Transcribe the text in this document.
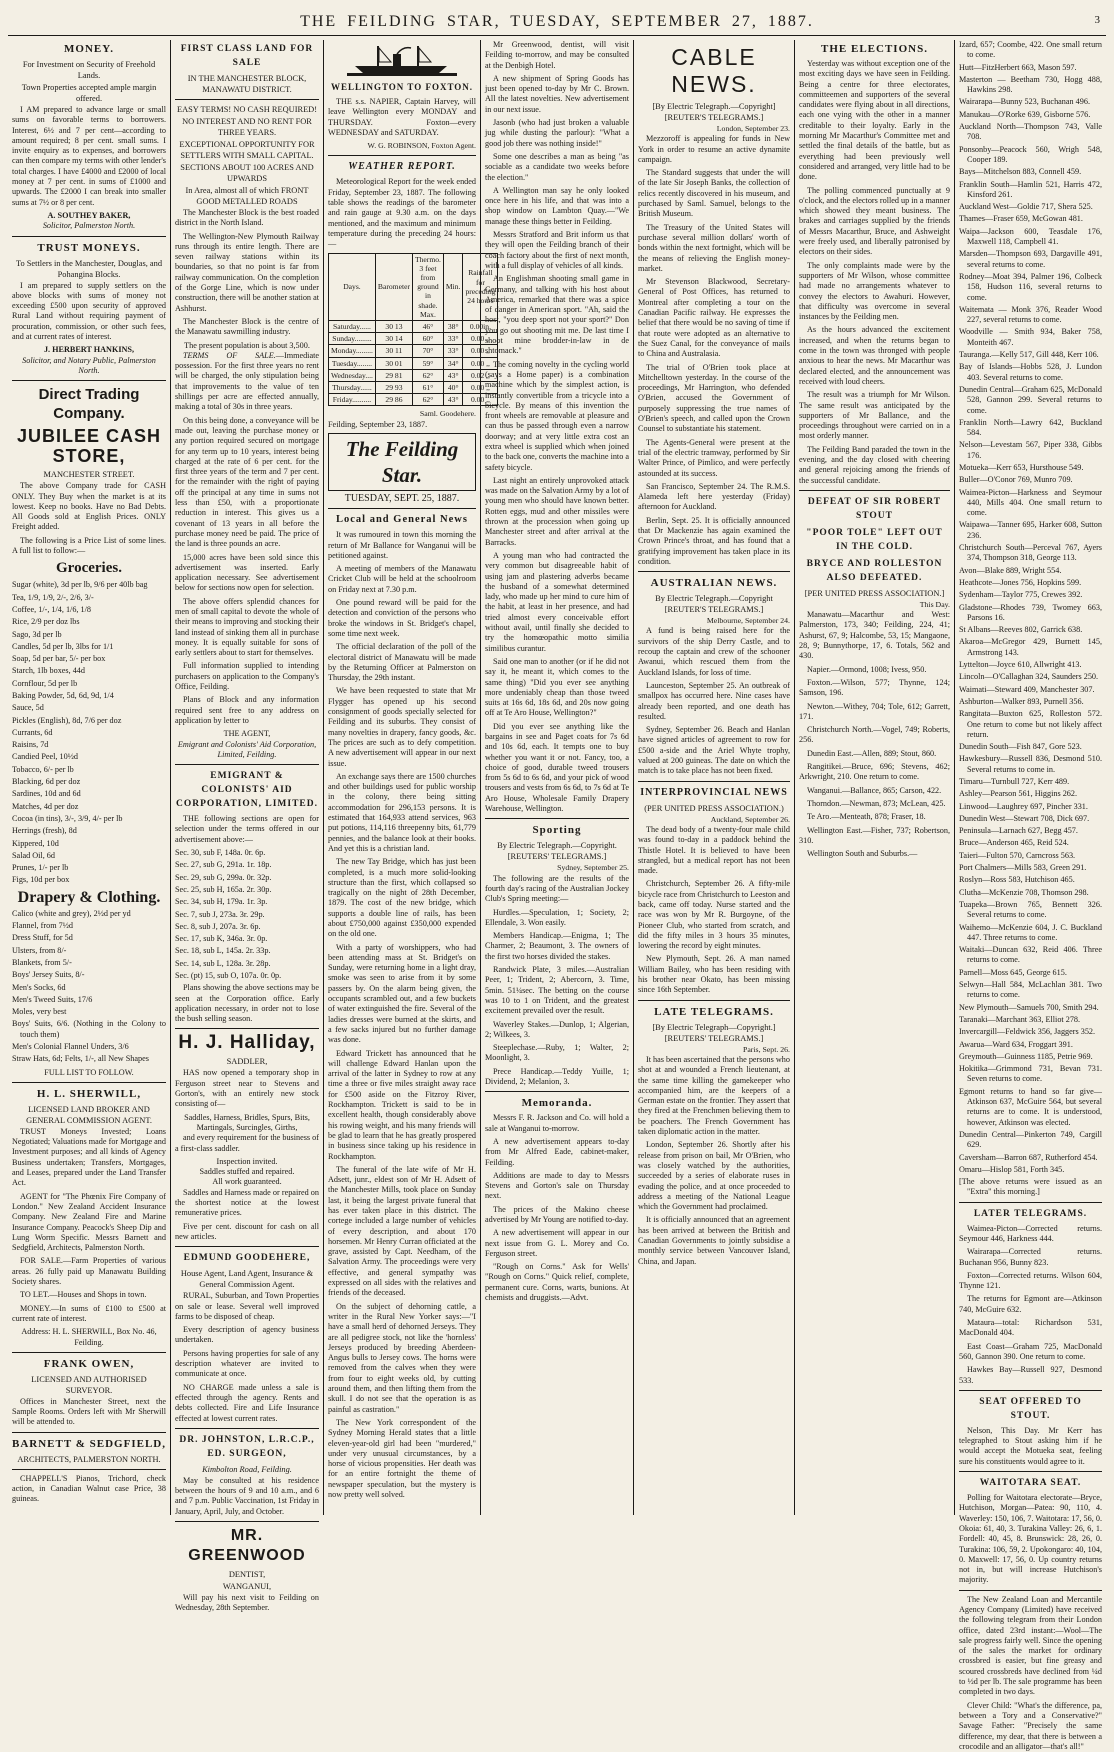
THE FEILDING STAR, TUESDAY, SEPTEMBER 27, 1887.	3
MONEY.
For Investment on Security of Freehold Lands.
Town Properties accepted ample margin offered.
I AM prepared to advance large or small sums on favorable terms to borrowers. Interest, 6½ and 7 per cent—according to amount required; 8 per cent. small sums. I invite enquiry as to expenses, and borrowers can then compare my terms with other lender's total charges. I have £4000 and £2000 of local money at 7 per cent. in sums of £1000 and upwards. The £2000 I can break into smaller sums at 7½ or 8 per cent.
A. SOUTHEY BAKER,
Solicitor, Palmerston North.
TRUST MONEYS.
To Settlers in the Manchester, Douglas, and Pohangina Blocks.
I am prepared to supply settlers on the above blocks with sums of money not exceeding £500 upon security of approved Rural Land without requiring payment of procuration, commission, or other such fees, and at current rates of interest.
J. HERBERT HANKINS,
Solicitor, and Notary Public, Palmerston North.
Direct Trading Company.
JUBILEE CASH STORE,
MANCHESTER STREET.
The above Company trade for CASH ONLY. They Buy when the market is at its lowest. Keep no books. Have no Bad Debts. All Goods sold at English Prices. ONLY Freight added.
The following is a Price List of some lines. A full list to follow:—
Groceries.
Sugar (white), 3d per lb, 9/6 per 40lb bag
Tea, 1/9, 1/9, 2/-, 2/6, 3/-
Coffee, 1/-, 1/4, 1/6, 1/8
Rice, 2/9 per doz lbs
Sago, 3d per lb
Candles, 5d per lb, 3lbs for 1/1
Soap, 5d per bar, 5/- per box
Starch, 1lb boxes, 44d
Cornflour, 5d per lb
Baking Powder, 5d, 6d, 9d, 1/4
Sauce, 5d
Pickles (English), 8d, 7/6 per doz
Currants, 6d
Raisins, 7d
Candied Peel, 10½d
Tobacco, 6/- per lb
Blacking, 6d per doz
Sardines, 10d and 6d
Matches, 4d per doz
Cocoa (in tins), 3/-, 3/9, 4/- per lb
Herrings (fresh), 8d
Kippered, 10d
Salad Oil, 6d
Prunes, 1/- per lb
Figs, 10d per box
Drapery & Clothing.
Calico (white and grey), 2½d per yd
Flannel, from 7½d
Dress Stuff, for 5d
Ulsters, from 8/-
Blankets, from 5/-
Boys' Jersey Suits, 8/-
Men's Socks, 6d
Men's Tweed Suits, 17/6
Moles, very best
Boys' Suits, 6/6. (Nothing in the Colony to touch them)
Men's Colonial Flannel Unders, 3/6
Straw Hats, 6d; Felts, 1/-, all New Shapes
FULL LIST TO FOLLOW.
H. L. SHERWILL,
LICENSED LAND BROKER AND GENERAL COMMISSION AGENT.
TRUST Moneys Invested; Loans Negotiated; Valuations made for Mortgage and Investment purposes; and all kinds of Agency Business undertaken; Transfers, Mortgages, and Leases, prepared under the Land Transfer Act.
AGENT for "The Phœnix Fire Company of London." New Zealand Accident Insurance Company. New Zealand Fire and Marine Insurance Company. Peacock's Sheep Dip and Lung Worm Specific. Messrs Barnett and Sedgfield, Architects, Palmerston North.
FOR SALE.—Farm Properties of various areas. 26 fully paid up Manawatu Building Society shares.
TO LET.—Houses and Shops in town.
MONEY.—In sums of £100 to £500 at current rate of interest.
Address: H. L. SHERWILL, Box No. 46, Feilding.
FRANK OWEN,
LICENSED AND AUTHORISED SURVEYOR.
Offices in Manchester Street, next the Sample Rooms. Orders left with Mr Sherwill will be attended to.
BARNETT & SEDGFIELD,
ARCHITECTS, PALMERSTON NORTH.
CHAPPELL'S Pianos, Trichord, check action, in Canadian Walnut case Price, 38 guineas.
FIRST CLASS LAND FOR SALE
IN THE MANCHESTER BLOCK, MANAWATU DISTRICT.
EASY TERMS! NO CASH REQUIRED!
NO INTEREST AND NO RENT FOR THREE YEARS.
EXCEPTIONAL OPPORTUNITY FOR SETTLERS WITH SMALL CAPITAL.
SECTIONS ABOUT 100 ACRES AND UPWARDS
In Area, almost all of which FRONT GOOD METALLED ROADS
The Manchester Block is the best roaded district in the North Island.
The Wellington-New Plymouth Railway runs through its entire length. There are seven railway stations within its boundaries, so that no point is far from railway communication. On the completion of the Gorge Line, which is now under construction, there will be another station at Ashhurst.
The Manchester Block is the centre of the Manawatu sawmilling industry.
The present population is about 3,500.
TERMS OF SALE.—Immediate possession. For the first three years no rent will be charged, the only stipulation being that improvements to the value of ten shillings per acre are effected annually, making a total of 30s in three years.
On this being done, a conveyance will be made out, leaving the purchase money or any portion required secured on mortgage for any term up to 10 years, interest being charged at the rate of 6 per cent. for the first three years of the term and 7 per cent. for the remainder with the right of paying off the principal at any time in sums not less than £50, with a proportionate reduction in interest. This gives us a covenant of 13 years in all before the purchase money need be paid. The price of the land is three pounds an acre.
15,000 acres have been sold since this advertisement was inserted. Early application necessary. See advertisement below for sections now open for selection.
The above offers splendid chances for men of small capital to devote the whole of their means to improving and stocking their land instead of sinking them all in purchase money. It is equally suitable for sons of early settlers about to start for themselves.
Full information supplied to intending purchasers on application to the Company's Office, Feilding.
Plans of Block and any information required sent free to any address on application by letter to
THE AGENT,
Emigrant and Colonists' Aid Corporation, Limited, Feilding.
EMIGRANT & COLONISTS' AID CORPORATION, LIMITED.
THE following sections are open for selection under the terms offered in our advertisement above:—
Sec. 30, sub F, 148a. 0r. 6p.
Sec. 27, sub G, 291a. 1r. 18p.
Sec. 29, sub G, 299a. 0r. 32p.
Sec. 25, sub H, 165a. 2r. 30p.
Sec. 34, sub H, 179a. 1r. 3p.
Sec. 7, sub J, 273a. 3r. 29p.
Sec. 8, sub J, 207a. 3r. 6p.
Sec. 17, sub K, 346a. 3r. 0p.
Sec. 18, sub L, 145a. 2r. 33p.
Sec. 14, sub L, 128a. 3r. 28p.
Sec. (pt) 15, sub O, 107a. 0r. 0p.
Plans showing the above sections may be seen at the Corporation office. Early application necessary, in order not to lose the bush selling season.
H. J. Halliday,
SADDLER,
HAS now opened a temporary shop in Ferguson street near to Stevens and Gorton's, with an entirely new stock consisting of—
Saddles, Harness, Bridles, Spurs, Bits, Martingals, Surcingles, Girths,
and every requirement for the business of a first-class saddler.
Inspection invited.
Saddles stuffed and repaired.
All work guaranteed.
Saddles and Harness made or repaired on the shortest notice at the lowest remunerative prices.
Five per cent. discount for cash on all new articles.
EDMUND GOODEHERE,
House Agent, Land Agent, Insurance & General Commission Agent.
RURAL, Suburban, and Town Properties on sale or lease. Several well improved farms to be disposed of cheap.
Every description of agency business undertaken.
Persons having properties for sale of any description whatever are invited to communicate at once.
NO CHARGE made unless a sale is effected through the agency. Rents and debts collected. Fire and Life Insurance effected at lowest current rates.
DR. JOHNSTON, L.R.C.P., ED. SURGEON,
Kimbolton Road, Feilding.
May be consulted at his residence between the hours of 9 and 10 a.m., and 6 and 7 p.m. Public Vaccination, 1st Friday in January, April, July, and October.
MR. GREENWOOD
DENTIST,
WANGANUI,
Will pay his next visit to Feilding on Wednesday, 28th September.
WELLINGTON TO FOXTON.
THE s.s. NAPIER, Captain Harvey, will leave Wellington every MONDAY and THURSDAY. Foxton—every WEDNESDAY and SATURDAY.
W. G. ROBINSON, Foxton Agent.
WEATHER REPORT.
Meteorological Report for the week ended Friday, September 23, 1887. The following table shows the readings of the barometer and rain gauge at 9.30 a.m. on the days mentioned, and the maximum and minimum temperature during the preceding 24 hours:—
Days.	Barometer	Thermo. 3 feet from ground in shade. Max.	Min.	Rainfall for preceding 24 hours
Saturday......	30 13	46°	38°	0.00in.
Sunday.........	30 14	60°	33°	0.00 ,,
Monday.........	30 11	70°	33°	0.00 ,,
Tuesday........	30 01	59°	34°	0.00 ,,
Wednesday....	29 81	62°	43°	0.02 ,,
Thursday......	29 93	61°	40°	0.00 ,,
Friday..........	29 86	62°	43°	0.00 ,,
Saml. Goodehere.
Feilding, September 23, 1887.
The Feilding Star.
TUESDAY, SEPT. 25, 1887.
Local and General News
It was rumoured in town this morning the return of Mr Ballance for Wanganui will be petitioned against.
A meeting of members of the Manawatu Cricket Club will be held at the schoolroom on Friday next at 7.30 p.m.
One pound reward will be paid for the detection and conviction of the persons who broke the windows in St. Bridget's chapel, some time next week.
The official declaration of the poll of the electoral district of Manawatu will be made by the Returning Officer at Palmerston on Thursday, the 29th instant.
We have been requested to state that Mr Flygger has opened up his second consignment of goods specially selected for Feilding and its suburbs. They consist of many novelties in drapery, fancy goods, &c. The prices are such as to defy competition. A new advertisement will appear in our next issue.
An exchange says there are 1500 churches and other buildings used for public worship in the colony, there being sitting accommodation for 296,153 persons. It is estimated that 164,933 attend services, 963 put potions, 114,116 threepenny bits, 61,779 pennies, and the balance look at their books. And yet this is a christian land.
The new Tay Bridge, which has just been completed, is a much more solid-looking structure than the first, which collapsed so tragically on the night of 28th December, 1879. The cost of the new bridge, which supports a double line of rails, has been about £750,000 against £350,000 expended on the old one.
With a party of worshippers, who had been attending mass at St. Bridget's on Sunday, were returning home in a light dray, smoke was seen to arise from it by some passers by. On the alarm being given, the occupants scrambled out, and a few buckets of water extinguished the fire. Several of the ladies dresses were burned at the skirts, and a few sacks injured but no further damage was done.
Edward Trickett has announced that he will challenge Edward Hanlan upon the arrival of the latter in Sydney to row at any time a three or five miles straight away race for £500 aside on the Fitzroy River, Rockhampton. Trickett is said to be in excellent health, though considerably above his rowing weight, and his many friends will be glad to learn that he has greatly prospered in business since taking up his residence in Rockhampton.
The funeral of the late wife of Mr H. Adsett, junr., eldest son of Mr H. Adsett of the Manchester Mills, took place on Sunday last, it being the largest private funeral that has ever taken place in this district. The cortege included a large number of vehicles of every description, and about 170 horsemen. Mr Henry Curran officiated at the grave, assisted by Capt. Needham, of the Salvation Army. The proceedings were very effective, and general sympathy was expressed on all sides with the relatives and friends of the deceased.
On the subject of dehorning cattle, a writer in the Rural New Yorker says:—"I have a small herd of dehorned Jerseys. They are all pedigree stock, not like the 'hornless' Jerseys produced by breeding Aberdeen-Angus bulls to Jersey cows. The horns were removed from the calves when they were from four to eight weeks old, by cutting around them, and then lifting them from the skull. I do not see that the operation is as painful as castration."
The New York correspondent of the Sydney Morning Herald states that a little eleven-year-old girl had been "murdered," under very unusual circumstances, by a horse of vicious propensities. Her death was for an entire fortnight the theme of newspaper speculation, but the mystery is now pretty well solved.
Mr Greenwood, dentist, will visit Feilding to-morrow, and may be consulted at the Denbigh Hotel.
A new shipment of Spring Goods has just been opened to-day by Mr C. Brown. All the latest novelties. New advertisement in our next issue.
Jasonb (who had just broken a valuable jug while dusting the parlour): "What a good job there was nothing inside!"
Some one describes a man as being "as sociable as a candidate two weeks before the election."
A Wellington man say he only looked once here in his life, and that was into a shop window on Lambton Quay.—"We manage these things better in Feilding.
Messrs Stratford and Brit inform us that they will open the Feilding branch of their coach factory about the first of next month, with a full display of vehicles of all kinds.
An Englishman shooting small game in Germany, and talking with his host about America, remarked that there was a spice of danger in American sport. "Ah, said the host, "you deep sport not your sport?" Don you go out shooting mit me. De last time I shoot mine brodder-in-law in de shtomack."
The coming novelty in the cycling world (says a Home paper) is a combination machine which by the simplest action, is instantly convertible from a tricycle into a bicycle. By means of this invention the front wheels are removable at pleasure and can thus be passed through even a narrow doorway; and at very little extra cost an extra wheel is supplied which when joined to the back one, converts the machine into a safety bicycle.
Last night an entirely unprovoked attack was made on the Salvation Army by a lot of young men who should have known better. Rotten eggs, mud and other missiles were thrown at the procession when going up Manchester street and after arrival at the Barracks.
A young man who had contracted the very common but disagreeable habit of using jam and plastering adverbs became the husband of a somewhat determined lady, who made up her mind to cure him of the habit, at least in her presence, and had tried almost every conceivable effort without avail, until finally she decided to try the homœopathic motto similia similibus curantur.
Said one man to another (or if he did not say it, he meant it, which comes to the same thing) "Did you ever see anything more undeniably cheap than those tweed suits at 16s 6d, 18s 6d, and 20s now going off at Te Aro House, Wellington?"
Did you ever see anything like the bargains in see and Paget coats for 7s 6d and 10s 6d, each. It tempts one to buy whether you want it or not. Fancy, too, a choice of good, durable tweed trousers from 5s 6d to 6s 6d, and your pick of wood trousers and vests from 6s 6d, to 7s 6d at Te Aro House, Wholesale Family Drapery Warehouse, Wellington.
Sporting
By Electric Telegraph.—Copyright. [REUTERS' TELEGRAMS.]
Sydney, September 25.
The following are the results of the fourth day's racing of the Australian Jockey Club's Spring meeting:—
Hurdles.—Speculation, 1; Society, 2; Ellendale, 3. Won easily.
Members Handicap.—Enigma, 1; The Charmer, 2; Beaumont, 3. The owners of the first two horses divided the stakes.
Randwick Plate, 3 miles.—Australian Peer, 1; Trident, 2; Abercorn, 3. Time, 5min. 51¼sec. The betting on the course was 10 to 1 on Trident, and the greatest excitement prevailed over the result.
Waverley Stakes.—Dunlop, 1; Algerian, 2; Wilkees, 3.
Steeplechase.—Ruby, 1; Walter, 2; Moonlight, 3.
Prece Handicap.—Teddy Yuille, 1; Dividend, 2; Melanion, 3.
Memoranda.
Messrs F. R. Jackson and Co. will hold a sale at Wanganui to-morrow.
A new advertisement appears to-day from Mr Alfred Eade, cabinet-maker, Feilding.
Additions are made to day to Messrs Stevens and Gorton's sale on Thursday next.
The prices of the Makino cheese advertised by Mr Young are notified to-day.
A new advertisement will appear in our next issue from G. L. Morey and Co. Ferguson street.
"Rough on Corns." Ask for Wells' "Rough on Corns." Quick relief, complete, permanent cure. Corns, warts, bunions. At chemists and druggists.—Advt.
CABLE NEWS.
[By Electric Telegraph.—Copyright] [REUTER'S TELEGRAMS.]
London, September 23.
Mezzoroff is appealing for funds in New York in order to resume an active dynamite campaign.
The Standard suggests that under the will of the late Sir Joseph Banks, the collection of relics recently discovered in his museum, and purchased by Saml. Samuel, belongs to the British Museum.
The Treasury of the United States will purchase several million dollars' worth of bonds within the next fortnight, which will be the means of relieving the English money-market.
Mr Stevenson Blackwood, Secretary-General of Post Offices, has returned to Montreal after completing a tour on the Canadian Pacific railway. He expresses the belief that there would be no saving of time if that route were adopted as an alternative to the Suez Canal, for the conveyance of mails to China and Australasia.
The trial of O'Brien took place at Mitchelltown yesterday. In the course of the proceedings, Mr Harrington, who defended O'Brien, accused the Government of purposely suppressing the true names of O'Brien's speech, and called upon the Crown Counsel to substantiate his statement.
The Agents-General were present at the trial of the electric tramway, performed by Sir Walter Prince, of Pimlico, and were perfectly astounded at its success.
San Francisco, September 24. The R.M.S. Alameda left here yesterday (Friday) afternoon for Auckland.
Berlin, Sept. 25. It is officially announced that Dr Mackenzie has again examined the Crown Prince's throat, and has found that a gratifying improvement has taken place in its condition.
AUSTRALIAN NEWS.
By Electric Telegraph.—Copyright [REUTER'S TELEGRAMS.]
Melbourne, September 24.
A fund is being raised here for the survivors of the ship Derry Castle, and to recoup the captain and crew of the schooner Awanui, which rescued them from the Auckland Islands, for loss of time.
Launceston, September 25. An outbreak of smallpox has occurred here. Nine cases have already been reported, and one death has resulted.
Sydney, September 26. Beach and Hanlan have signed articles of agreement to row for £500 a-side and the Ariel Whyte trophy, valued at 200 guineas. The date on which the match is to take place has not been fixed.
INTERPROVINCIAL NEWS
(PER UNITED PRESS ASSOCIATION.)
Auckland, September 26.
The dead body of a twenty-four male child was found to-day in a paddock behind the Thistle Hotel. It is believed to have been strangled, but a medical report has not been made.
Christchurch, September 26. A fifty-mile bicycle race from Christchurch to Leeston and back, came off today. Nurse started and the race was won by Mr R. Burgoyne, of the Pioneer Club, who started from scratch, and did the fifty miles in 3 hours 35 minutes, lowering the record by eight minutes.
New Plymouth, Sept. 26. A man named William Bailey, who has been residing with his brother near Okato, has been missing since 16th September.
LATE TELEGRAMS.
[By Electric Telegraph—Copyright.] [REUTERS' TELEGRAMS.]
Paris, Sept. 26.
It has been ascertained that the persons who shot at and wounded a French lieutenant, at the same time killing the gamekeeper who accompanied him, are the keepers of a German estate on the frontier. They assert that they fired at the Frenchmen believing them to be poachers. The French Government has taken diplomatic action in the matter.
London, September 26. Shortly after his release from prison on bail, Mr O'Brien, who was closely watched by the authorities, succeeded by a series of elaborate ruses in evading the police, and at once proceeded to address a meeting of the National League which the Government had proclaimed.
It is officially announced that an agreement has been arrived at between the British and Canadian Governments to jointly subsidise a monthly service between Vancouver Island, China, and Japan.
THE ELECTIONS.
Yesterday was without exception one of the most exciting days we have seen in Feilding. Being a centre for three electorates, committeemen and supporters of the several candidates were flying about in all directions, each one vying with the other in a manner creditable to their loyalty. Early in the morning Mr Macarthur's Committee met and settled the final details of the battle, but as everything had been previously well considered and arranged, very little had to be done.
The polling commenced punctually at 9 o'clock, and the electors rolled up in a manner which showed they meant business. The brakes and carriages supplied by the friends of Messrs Macarthur, Bruce, and Ashweight were freely used, and liberally patronised by electors on their sides.
The only complaints made were by the supporters of Mr Wilson, whose committee had made no arrangements whatever to convey the electors to Awahuri. However, that difficulty was overcome in several instances by the Feilding men.
As the hours advanced the excitement increased, and when the returns began to come in the town was thronged with people anxious to hear the news. Mr Macarthur was declared elected, and the announcement was received with loud cheers.
The result was a triumph for Mr Wilson. The same result was anticipated by the supporters of Mr Ballance, and the proceedings throughout were carried on in a most orderly manner.
The Feilding Band paraded the town in the evening, and the day closed with cheering and general rejoicing among the friends of the successful candidate.
DEFEAT OF SIR ROBERT STOUT
"POOR TOLE" LEFT OUT IN THE COLD.
BRYCE AND ROLLESTON ALSO DEFEATED.
[PER UNITED PRESS ASSOCIATION.]
This Day.
Manawatu—Macarthur and West: Palmerston, 173, 340; Feilding, 224, 41; Ashurst, 67, 9; Halcombe, 53, 15; Mangaone, 28, 9; Bunnythorpe, 17, 6. Totals, 562 and 430.
Napier.—Ormond, 1008; Ivess, 950.
Foxton.—Wilson, 577; Thynne, 124; Samson, 196.
Newton.—Withey, 704; Tole, 612; Garrett, 171.
Christchurch North.—Vogel, 749; Roberts, 256.
Dunedin East.—Allen, 889; Stout, 860.
Rangitikei.—Bruce, 696; Stevens, 462; Arkwright, 210. One return to come.
Wanganui.—Ballance, 865; Carson, 422.
Thorndon.—Newman, 873; McLean, 425.
Te Aro.—Menteath, 878; Fraser, 18.
Wellington East.—Fisher, 737; Robertson, 310.
Wellington South and Suburbs.—
Izard, 657; Coombe, 422. One small return to come.
Hutt—FitzHerbert 663, Mason 597.
Masterton — Beetham 730, Hogg 488, Hawkins 298.
Wairarapa—Bunny 523, Buchanan 496.
Manukau—O'Rorke 639, Gisborne 576.
Auckland North—Thompson 743, Valle 708.
Ponsonby—Peacock 560, Wrigh 548, Cooper 189.
Bays—Mitchelson 883, Connell 459.
Franklin South—Hamlin 521, Harris 472, Kinsford 261.
Auckland West—Goldie 717, Shera 525.
Thames—Fraser 659, McGowan 481.
Waipa—Jackson 600, Teasdale 176, Maxwell 118, Campbell 41.
Marsden—Thompson 693, Dargaville 491, several returns to come.
Rodney—Moat 394, Palmer 196, Colbeck 158, Hudson 116, several returns to come.
Waitemata — Monk 376, Reader Wood 227, several returns to come.
Woodville — Smith 934, Baker 758, Monteith 467.
Tauranga.—Kelly 517, Gill 448, Kerr 106.
Bay of Islands—Hobbs 528, J. Lundon 403. Several returns to come.
Dunedin Central—Graham 625, McDonald 528, Gannon 299. Several returns to come.
Franklin North—Lawry 642, Buckland 584.
Nelson—Levestam 567, Piper 338, Gibbs 176.
Motueka—Kerr 653, Hursthouse 549.
Buller—O'Conor 769, Munro 709.
Waimea-Picton—Harkness and Seymour 440, Mills 404. One small return to come.
Waipawa—Tanner 695, Harker 608, Sutton 236.
Christchurch South—Perceval 767, Ayers 374, Thompson 318, George 113.
Avon—Blake 889, Wright 554.
Heathcote—Jones 756, Hopkins 599.
Sydenham—Taylor 775, Crewes 392.
Gladstone—Rhodes 739, Twomey 663, Parsons 16.
St Albans—Reeves 802, Garrick 638.
Akaroa—McGregor 429, Burnett 145, Armstrong 143.
Lyttelton—Joyce 610, Allwright 413.
Lincoln—O'Callaghan 324, Saunders 250.
Waimati—Steward 409, Manchester 307.
Ashburton—Walker 893, Purnell 356.
Rangitata—Buxton 625, Rolleston 572. One return to come but not likely affect return.
Dunedin South—Fish 847, Gore 523.
Hawkesbury—Russell 836, Desmond 510. Several returns to come in.
Timaru—Turnbull 727, Kerr 489.
Ashley—Pearson 561, Higgins 262.
Linwood—Laughrey 697, Pincher 331.
Dunedin West—Stewart 708, Dick 697.
Peninsula—Larnach 627, Begg 457.
Bruce—Anderson 465, Reid 524.
Taieri—Fulton 570, Carncross 563.
Port Chalmers—Mills 583, Green 291.
Roslyn—Ross 583, Hutchison 465.
Clutha—McKenzie 708, Thomson 298.
Tuapeka—Brown 765, Bennett 326. Several returns to come.
Waihemo—McKenzie 604, J. C. Buckland 447. Three returns to come.
Waitaki—Duncan 632, Reid 406. Three returns to come.
Parnell—Moss 645, George 615.
Selwyn—Hall 584, McLachlan 381. Two returns to come.
New Plymouth—Samuels 700, Smith 294.
Taranaki—Marchant 363, Elliot 278.
Invercargill—Feldwick 356, Jaggers 352.
Awarua—Ward 634, Froggart 391.
Greymouth—Guinness 1185, Petrie 969.
Hokitika—Grimmond 731, Bevan 731. Seven returns to come.
Egmont returns to hand so far give—Atkinson 637, McGuire 564, but several returns are to come. It is understood, however, Atkinson was elected.
Dunedin Central—Pinkerton 749, Cargill 629.
Caversham—Barron 687, Rutherford 454.
Omaru—Hislop 581, Forth 345.
[The above returns were issued as an "Extra" this morning.]
LATER TELEGRAMS.
Waimea-Picton—Corrected returns. Seymour 446, Harkness 444.
Wairarapa—Corrected returns. Buchanan 956, Bunny 823.
Foxton—Corrected returns. Wilson 604, Thynne 121.
The returns for Egmont are—Atkinson 740, McGuire 632.
Mataura—total: Richardson 531, MacDonald 404.
East Coast—Graham 725, MacDonald 560, Gannon 390. One return to come.
Hawkes Bay—Russell 927, Desmond 533.
SEAT OFFERED TO STOUT.
Nelson, This Day. Mr Kerr has telegraphed to Stout asking him if he would accept the Motueka seat, feeling sure his constituents would agree to it.
WAITOTARA SEAT.
Polling for Waitotara electorate—Bryce, Hutchison, Morgan—Patea: 90, 110, 4. Waverley: 150, 106, 7. Waitotara: 17, 56, 0. Okoia: 61, 40, 3. Turakina Valley: 26, 6, 1. Fordell: 40, 45, 8. Brunswick: 28, 26, 0. Turakina: 106, 59, 2. Upokongaro: 40, 104, 0. Maxwell: 17, 56, 0. Up country returns not in, but will increase Hutchison's majority.
The New Zealand Loan and Mercantile Agency Company (Limited) have received the following telegram from their London office, dated 23rd instant:—Wool—The sale progress fairly well. Since the opening of the sales the market for ordinary crossbred is easier, but fine greasy and scoured crossbreds have declined from ¼d to ½d per lb. The sale programme has been completed in two days.
Clever Child: "What's the difference, pa, between a Tory and a Conservative?" Savage Father: "Precisely the same difference, my dear, that there is between a crocodile and an alligator—that's all!"
